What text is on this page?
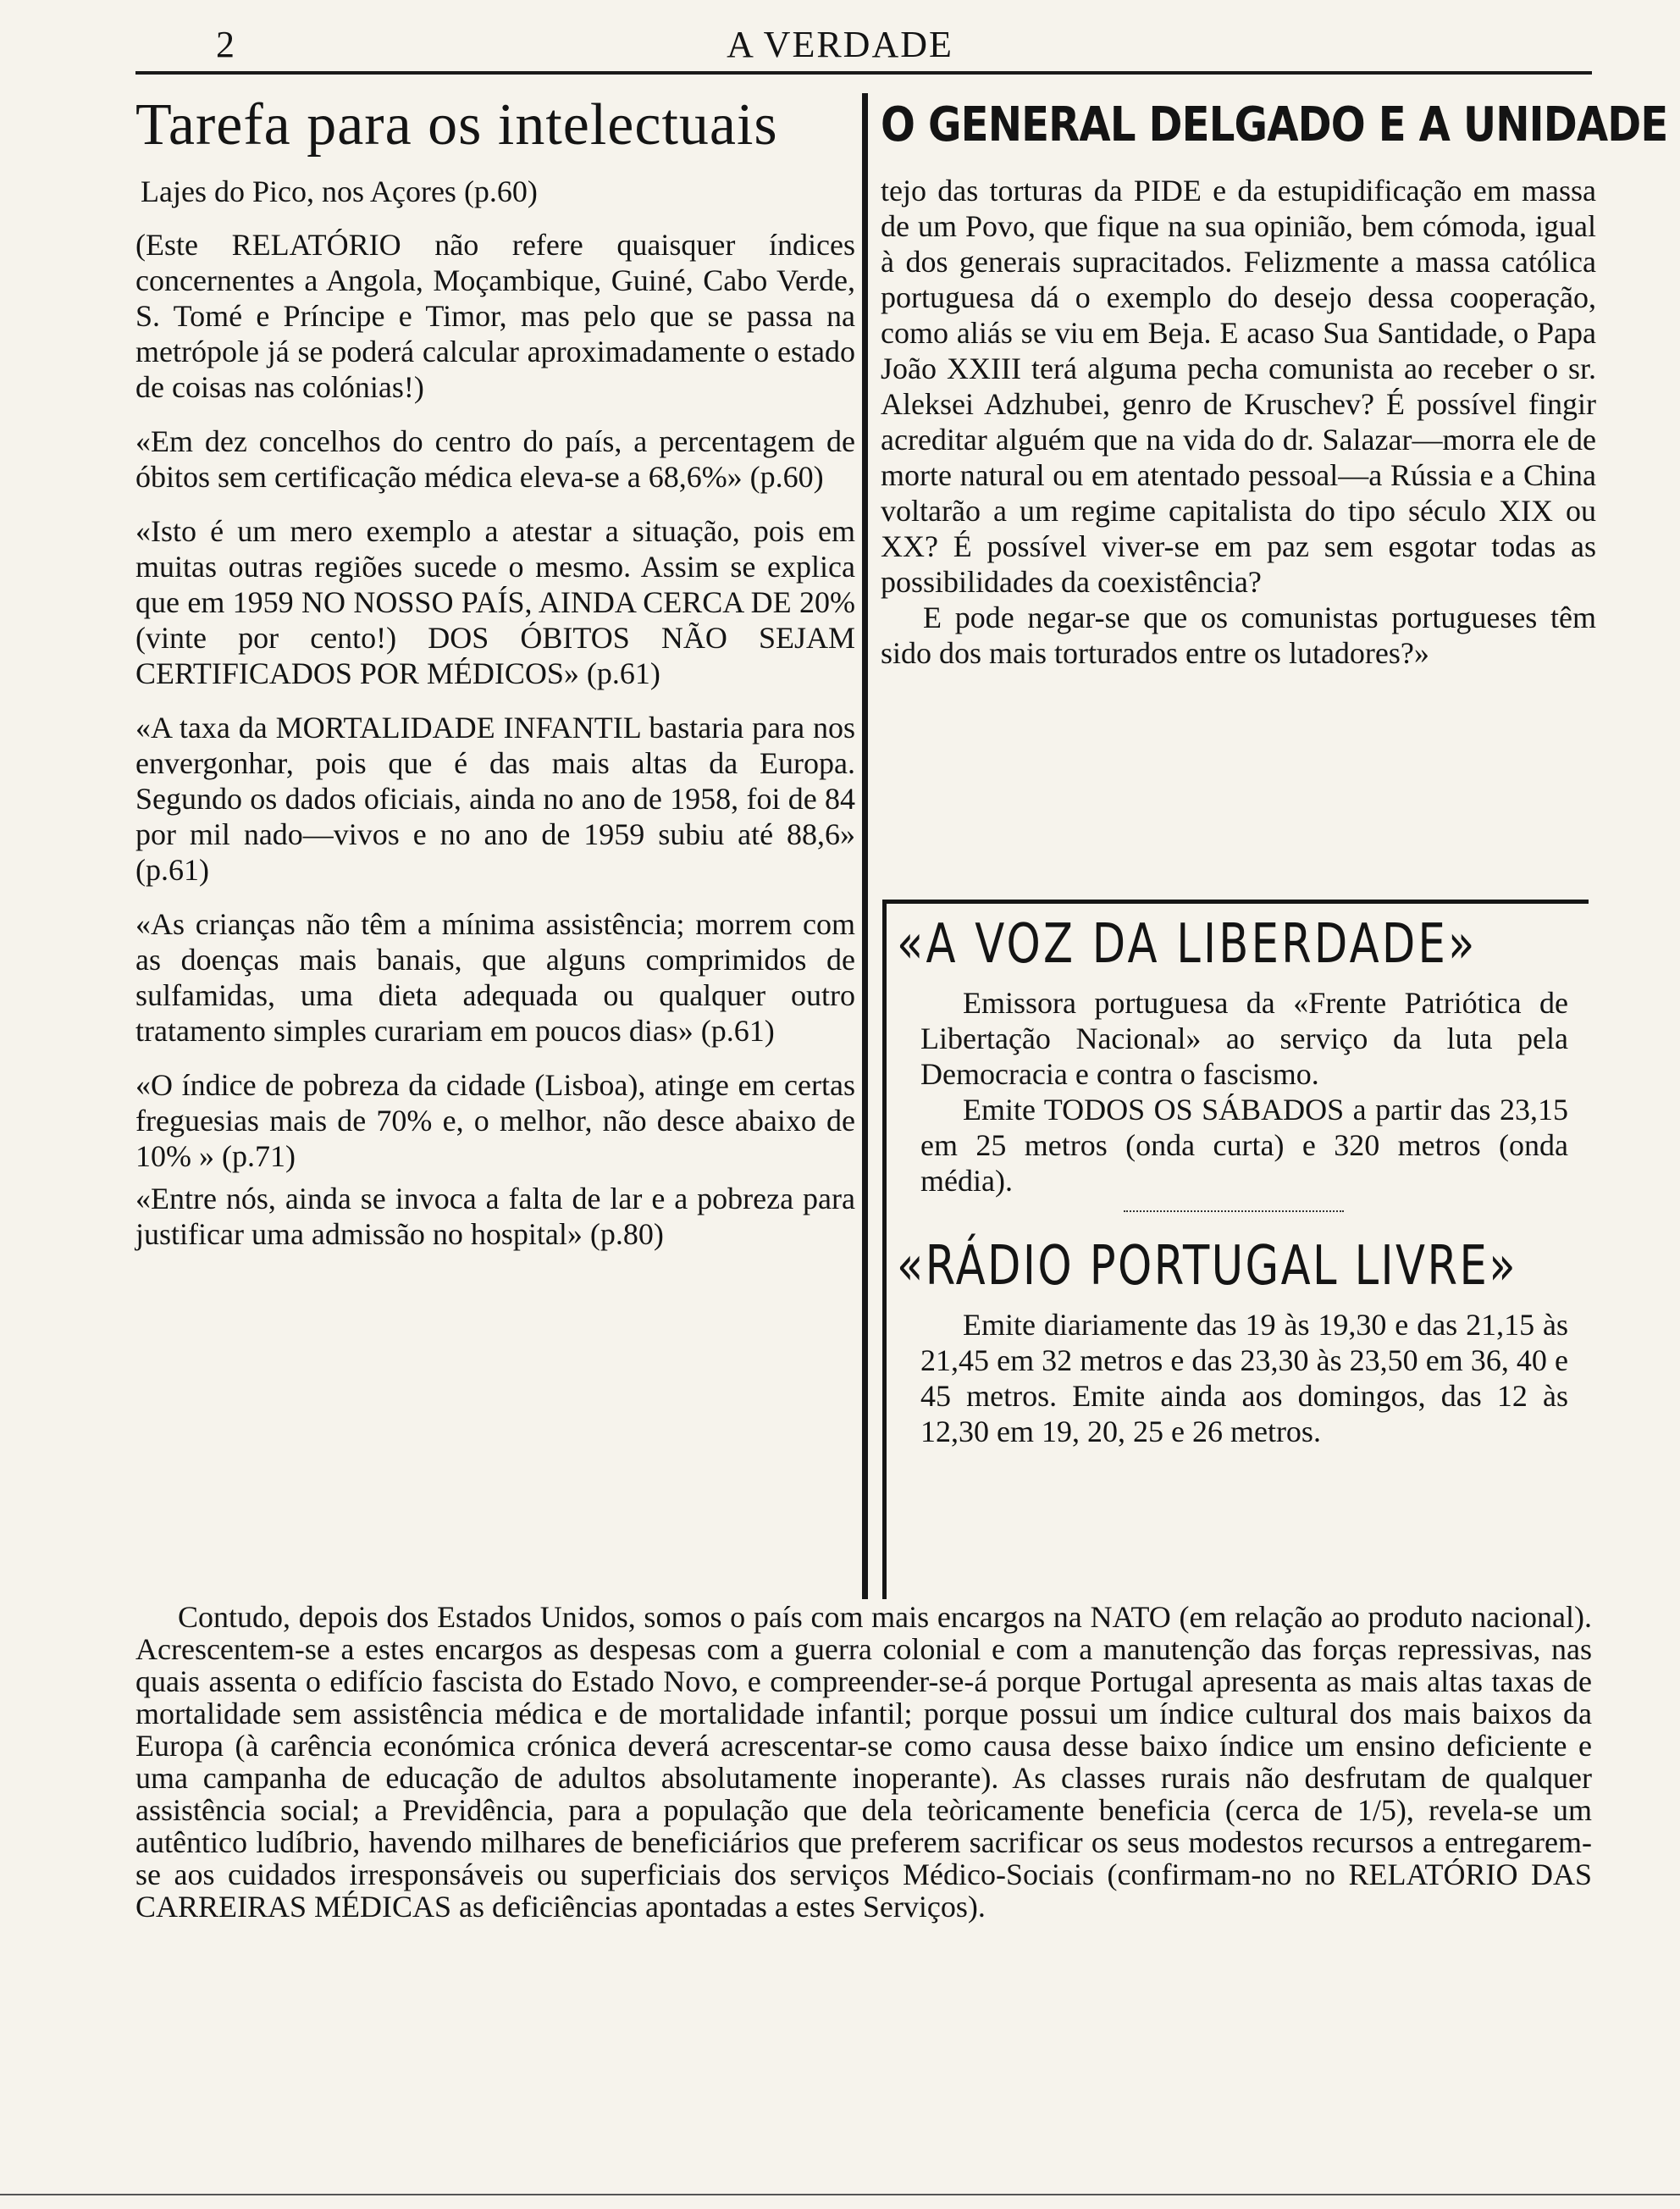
2	A VERDADE
Tarefa para os intelectuais
Lajes do Pico, nos Açores (p.60)

(Este RELATÓRIO não refere quaisquer índices concernentes a Angola, Moçambique, Guiné, Cabo Verde, S. Tomé e Príncipe e Timor, mas pelo que se passa na metrópole já se poderá calcular aproximadamente o estado de coisas nas colónias!)

«Em dez concelhos do centro do país, a percentagem de óbitos sem certificação médica eleva-se a 68,6%» (p.60)

«Isto é um mero exemplo a atestar a situação, pois em muitas outras regiões sucede o mesmo. Assim se explica que em 1959 NO NOSSO PAÍS, AINDA CERCA DE 20% (vinte por cento!) DOS ÓBITOS NÃO SEJAM CERTIFICADOS POR MÉDICOS» (p.61)

«A taxa da MORTALIDADE INFANTIL bastaria para nos envergonhar, pois que é das mais altas da Europa. Segundo os dados oficiais, ainda no ano de 1958, foi de 84 por mil nado—vivos e no ano de 1959 subiu até 88,6» (p.61)

«As crianças não têm a mínima assistência; morrem com as doenças mais banais, que alguns comprimidos de sulfamidas, uma dieta adequada ou qualquer outro tratamento simples curariam em poucos dias» (p.61)

«O índice de pobreza da cidade (Lisboa), atinge em certas freguesias mais de 70% e, o melhor, não desce abaixo de 10% » (p.71)

«Entre nós, ainda se invoca a falta de lar e a pobreza para justificar uma admissão no hospital» (p.80)

O GENERAL DELGADO E A UNIDADE

tejo das torturas da PIDE e da estupidificação em massa de um Povo, que fique na sua opinião, bem cómoda, igual à dos generais supracitados. Felizmente a massa católica portuguesa dá o exemplo do desejo dessa cooperação, como aliás se viu em Beja. E acaso Sua Santidade, o Papa João XXIII terá alguma pecha comunista ao receber o sr. Aleksei Adzhubei, genro de Kruschev? É possível fingir acreditar alguém que na vida do dr. Salazar—morra ele de morte natural ou em atentado pessoal—a Rússia e a China voltarão a um regime capitalista do tipo século XIX ou XX? É possível viver-se em paz sem esgotar todas as possibilidades da coexistência?

E pode negar-se que os comunistas portugueses têm sido dos mais torturados entre os lutadores?»

«A VOZ DA LIBERDADE»

Emissora portuguesa da «Frente Patriótica de Libertação Nacional» ao serviço da luta pela Democracia e contra o fascismo.

Emite TODOS OS SÁBADOS a partir das 23,15 em 25 metros (onda curta) e 320 metros (onda média).

«RÁDIO PORTUGAL LIVRE»

Emite diariamente das 19 às 19,30 e das 21,15 às 21,45 em 32 metros e das 23,30 às 23,50 em 36, 40 e 45 metros. Emite ainda aos domingos, das 12 às 12,30 em 19, 20, 25 e 26 metros.

Contudo, depois dos Estados Unidos, somos o país com mais encargos na NATO (em relação ao produto nacional). Acrescentem-se a estes encargos as despesas com a guerra colonial e com a manutenção das forças repressivas, nas quais assenta o edifício fascista do Estado Novo, e compreender-se-á porque Portugal apresenta as mais altas taxas de mortalidade sem assistência médica e de mortalidade infantil; porque possui um índice cultural dos mais baixos da Europa (à carência económica crónica deverá acrescentar-se como causa desse baixo índice um ensino deficiente e uma campanha de educação de adultos absolutamente inoperante). As classes rurais não desfrutam de qualquer assistência social; a Previdência, para a população que dela teòricamente beneficia (cerca de 1/5), revela-se um autêntico ludíbrio, havendo milhares de beneficiários que preferem sacrificar os seus modestos recursos a entregarem-se aos cuidados irresponsáveis ou superficiais dos serviços Médico-Sociais (confirmam-no no RELATÓRIO DAS CARREIRAS MÉDICAS as deficiências apontadas a estes Serviços).
